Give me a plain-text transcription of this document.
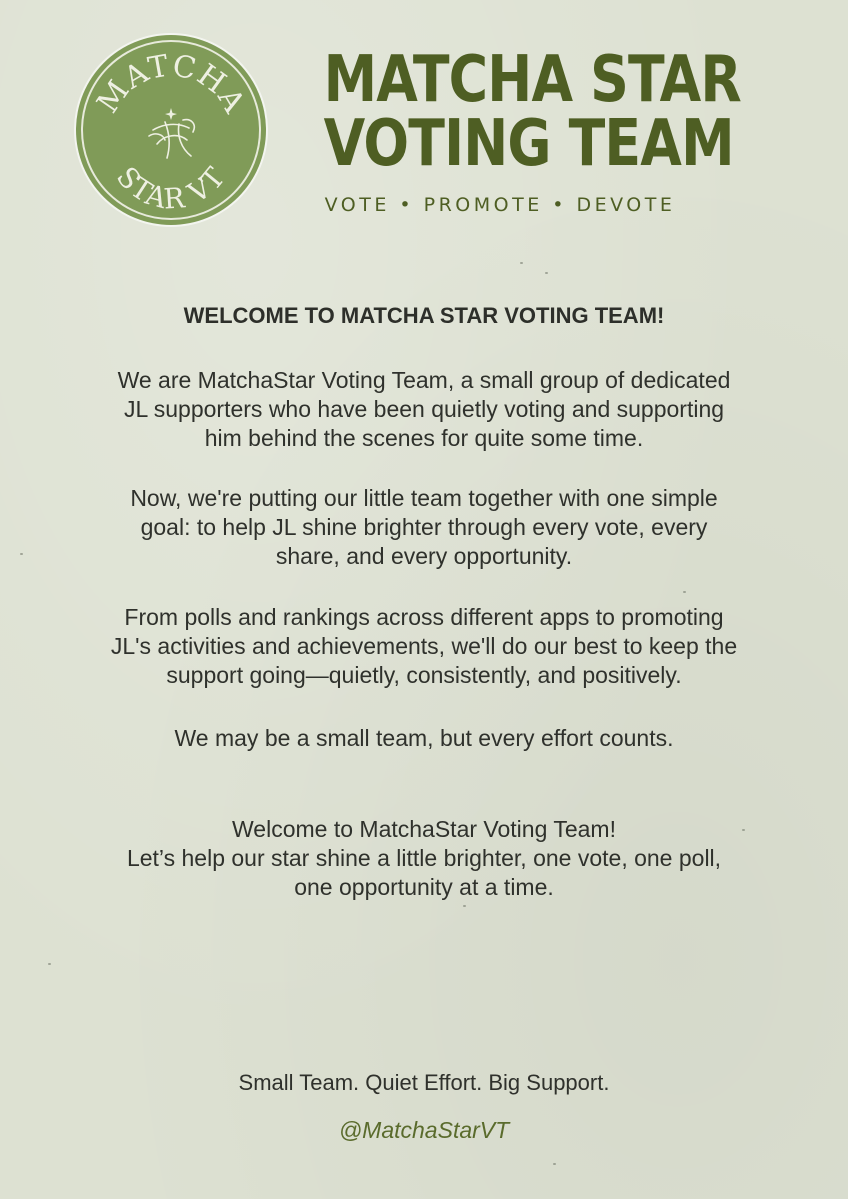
MATCHA
STAR VT
MATCHA STAR
VOTING TEAM
VOTE • PROMOTE • DEVOTE
WELCOME TO MATCHA STAR VOTING TEAM!
We are MatchaStar Voting Team, a small group of dedicated
JL supporters who have been quietly voting and supporting
him behind the scenes for quite some time.
Now, we're putting our little team together with one simple
goal: to help JL shine brighter through every vote, every
share, and every opportunity.
From polls and rankings across different apps to promoting
JL's activities and achievements, we'll do our best to keep the
support going—quietly, consistently, and positively.
We may be a small team, but every effort counts.
Welcome to MatchaStar Voting Team!
Let’s help our star shine a little brighter, one vote, one poll,
one opportunity at a time.
Small Team. Quiet Effort. Big Support.
@MatchaStarVT
